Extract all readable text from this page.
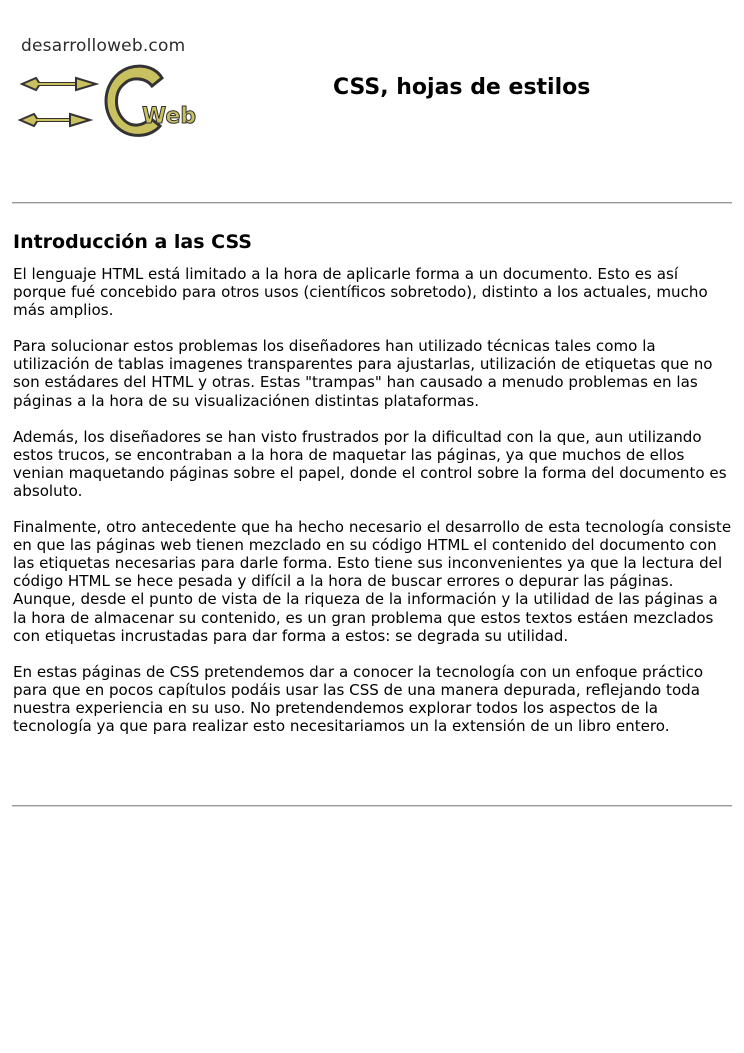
desarrolloweb.com
Web
CSS, hojas de estilos
Introducción a las CSS

El lenguaje HTML está limitado a la hora de aplicarle forma a un documento. Esto es así porque fué concebido para otros usos (científicos sobretodo), distinto a los actuales, mucho más amplios.

Para solucionar estos problemas los diseñadores han utilizado técnicas tales como la utilización de tablas imagenes transparentes para ajustarlas, utilización de etiquetas que no son estádares del HTML y otras. Estas "trampas" han causado a menudo problemas en las páginas a la hora de su visualizaciónen distintas plataformas.

Además, los diseñadores se han visto frustrados por la dificultad con la que, aun utilizando estos trucos, se encontraban a la hora de maquetar las páginas, ya que muchos de ellos venian maquetando páginas sobre el papel, donde el control sobre la forma del documento es absoluto.

Finalmente, otro antecedente que ha hecho necesario el desarrollo de esta tecnología consiste en que las páginas web tienen mezclado en su código HTML el contenido del documento con las etiquetas necesarias para darle forma. Esto tiene sus inconvenientes ya que la lectura del código HTML se hece pesada y difícil a la hora de buscar errores o depurar las páginas. Aunque, desde el punto de vista de la riqueza de la información y la utilidad de las páginas a la hora de almacenar su contenido, es un gran problema que estos textos estáen mezclados con etiquetas incrustadas para dar forma a estos: se degrada su utilidad.

En estas páginas de CSS pretendemos dar a conocer la tecnología con un enfoque práctico para que en pocos capítulos podáis usar las CSS de una manera depurada, reflejando toda nuestra experiencia en su uso. No pretendendemos explorar todos los aspectos de la tecnología ya que para realizar esto necesitariamos un la extensión de un libro entero.
